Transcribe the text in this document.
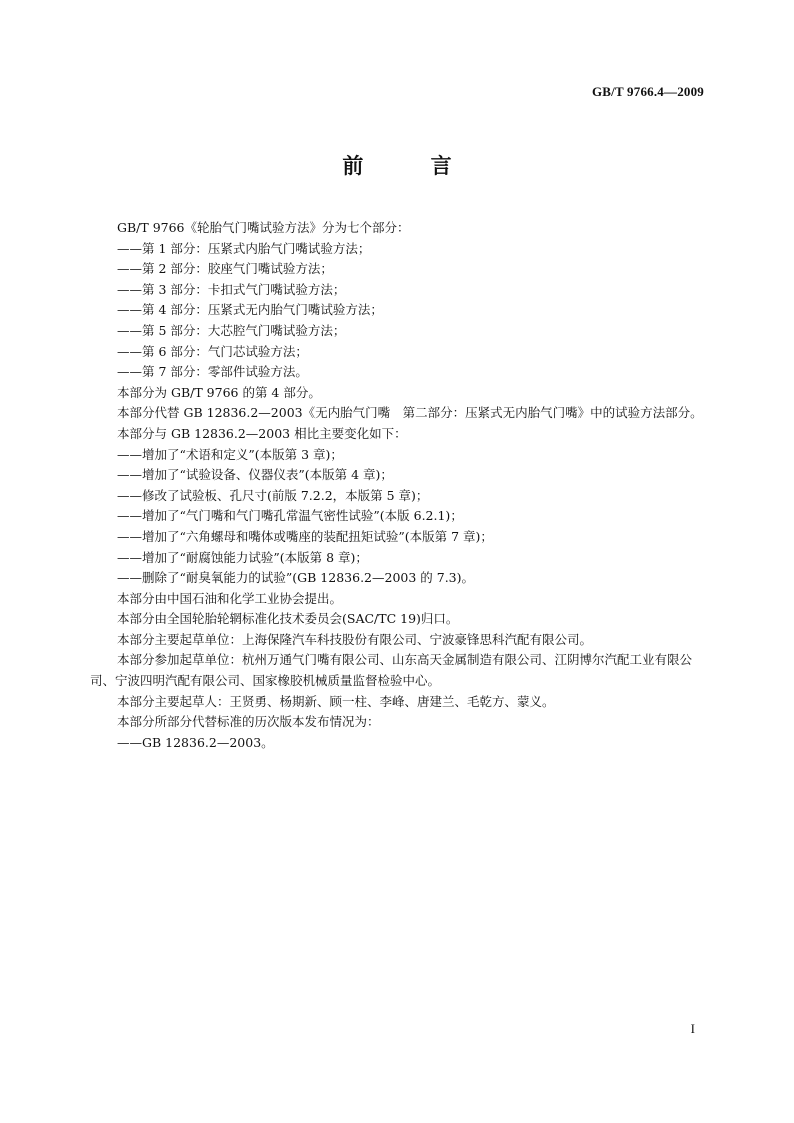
GB/T 9766.4—2009
前 言

GB/T 9766《轮胎气门嘴试验方法》分为七个部分：

——第 1 部分：压紧式内胎气门嘴试验方法；

——第 2 部分：胶座气门嘴试验方法；

——第 3 部分：卡扣式气门嘴试验方法；

——第 4 部分：压紧式无内胎气门嘴试验方法；

——第 5 部分：大芯腔气门嘴试验方法；

——第 6 部分：气门芯试验方法；

——第 7 部分：零部件试验方法。

本部分为 GB/T 9766 的第 4 部分。

本部分代替 GB 12836.2—2003《无内胎气门嘴　第二部分：压紧式无内胎气门嘴》中的试验方法部分。

本部分与 GB 12836.2—2003 相比主要变化如下：

——增加了“术语和定义”(本版第 3 章)；

——增加了“试验设备、仪器仪表”(本版第 4 章)；

——修改了试验板、孔尺寸(前版 7.2.2，本版第 5 章)；

——增加了“气门嘴和气门嘴孔常温气密性试验”(本版 6.2.1)；

——增加了“六角螺母和嘴体或嘴座的装配扭矩试验”(本版第 7 章)；

——增加了“耐腐蚀能力试验”(本版第 8 章)；

——删除了“耐臭氧能力的试验”(GB 12836.2—2003 的 7.3)。

本部分由中国石油和化学工业协会提出。

本部分由全国轮胎轮辋标准化技术委员会(SAC/TC 19)归口。

本部分主要起草单位：上海保隆汽车科技股份有限公司、宁波豪锋思科汽配有限公司。

本部分参加起草单位：杭州万通气门嘴有限公司、山东高天金属制造有限公司、江阴博尔汽配工业有限公司、宁波四明汽配有限公司、国家橡胶机械质量监督检验中心。

本部分主要起草人：王贤勇、杨期新、顾一柱、李峰、唐建兰、毛乾方、蒙义。

本部分所部分代替标准的历次版本发布情况为：

——GB 12836.2—2003。

I
